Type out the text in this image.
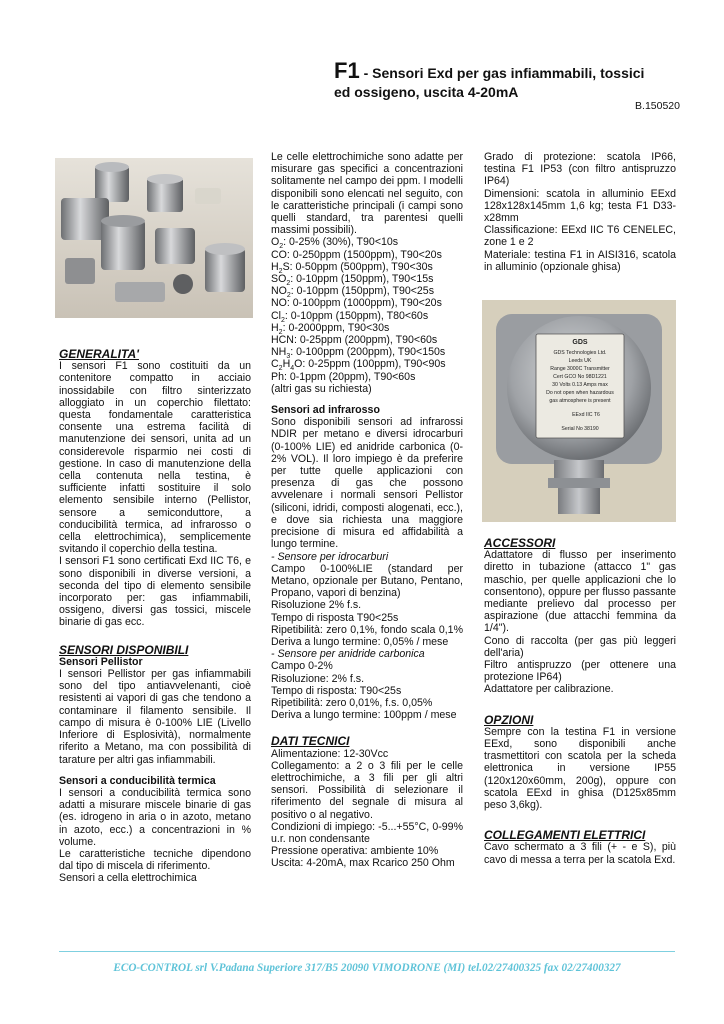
F1 - Sensori Exd per gas infiammabili, tossici
ed ossigeno, uscita 4-20mA
B.150520

GENERALITA'

I sensori F1 sono costituiti da un contenitore compatto in acciaio inossidabile con filtro sinterizzato alloggiato in un coperchio filettato: questa fondamentale caratteristica consente una estrema facilità di manutenzione dei sensori, unita ad un considerevole risparmio nei costi di gestione. In caso di manutenzione della cella contenuta nella testina, è sufficiente infatti sostituire il solo elemento sensibile interno (Pellistor, sensore a semiconduttore, a conducibilità termica, ad infrarosso o cella elettrochimica), semplicemente svitando il coperchio della testina.

I sensori F1 sono certificati Exd IIC T6, e sono disponibili in diverse versioni, a seconda del tipo di elemento sensibile incorporato per: gas infiammabili, ossigeno, diversi gas tossici, miscele binarie di gas ecc.

SENSORI DISPONIBILI

Sensori Pellistor

I sensori Pellistor per gas infiammabili sono del tipo antiavvelenanti, cioè resistenti ai vapori di gas che tendono a contaminare il filamento sensibile. Il campo di misura è 0-100% LIE (Livello Inferiore di Esplosività), normalmente riferito a Metano, ma con possibilità di tarature per altri gas infiammabili.

Sensori a conducibilità termica

I sensori a conducibilità termica sono adatti a misurare miscele binarie di gas (es. idrogeno in aria o in azoto, metano in azoto, ecc.) a concentrazioni in % volume.

Le caratteristiche tecniche dipendono dal tipo di miscela di riferimento.

Sensori a cella elettrochimica

Le celle elettrochimiche sono adatte per misurare gas specifici a concentrazioni solitamente nel campo dei ppm. I modelli disponibili sono elencati nel seguito, con le caratteristiche principali (i campi sono quelli standard, tra parentesi quelli massimi possibili).

$O_2$: 0-25% (30%), T90<10s

CO: 0-250ppm (1500ppm), T90<20s

$H_2S$: 0-50ppm (500ppm), T90<30s

$SO_2$: 0-10ppm (150ppm), T90<15s

$NO_2$: 0-10ppm (150ppm), T90<25s

NO: 0-100ppm (1000ppm), T90<20s

$Cl_2$: 0-10ppm (150ppm), T80<60s

$H_2$: 0-2000ppm, T90<30s

HCN: 0-25ppm (200ppm), T90<60s

$NH_3$: 0-100ppm (200ppm), T90<150s

$C_2H_4O$: 0-25ppm (100ppm), T90<90s

Ph: 0-1ppm (20ppm), T90<60s

(altri gas su richiesta)

Sensori ad infrarosso

Sono disponibili sensori ad infrarossi NDIR per metano e diversi idrocarburi (0-100% LIE) ed anidride carbonica (0-2% VOL). Il loro impiego è da preferire per tutte quelle applicazioni con presenza di gas che possono avvelenare i normali sensori Pellistor (siliconi, idridi, composti alogenati, ecc.), e dove sia richiesta una maggiore precisione di misura ed affidabilità a lungo termine.

- Sensore per idrocarburi

Campo 0-100%LIE (standard per Metano, opzionale per Butano, Pentano, Propano, vapori di benzina)

Risoluzione 2% f.s.

Tempo di risposta T90<25s

Ripetibilità: zero 0,1%, fondo scala 0,1% Deriva a lungo termine: 0,05% / mese

- Sensore per anidride carbonica

Campo 0-2%

Risoluzione: 2% f.s.

Tempo di risposta: T90<25s

Ripetibilità: zero 0,01%, f.s. 0,05%

Deriva a lungo termine: 100ppm / mese

DATI TECNICI

Alimentazione: 12-30Vcc

Collegamento: a 2 o 3 fili per le celle elettrochimiche, a 3 fili per gli altri sensori. Possibilità di selezionare il riferimento del segnale di misura al positivo o al negativo.

Condizioni di impiego: -5...+55°C, 0-99% u.r. non condensante

Pressione operativa: ambiente 10%

Uscita: 4-20mA, max Rcarico 250 Ohm

Grado di protezione: scatola IP66, testina F1 IP53 (con filtro antispruzzo IP64)

Dimensioni: scatola in alluminio EExd 128x128x145mm 1,6 kg; testa F1 D33-x28mm

Classificazione: EExd IIC T6 CENELEC, zone 1 e 2

Materiale: testina F1 in AISI316, scatola in alluminio (opzionale ghisa)

GDS
GDS Technologies Ltd.
Leeds UK
Range 3000C Transmitter
Cert GCO No 98D1221
30 Volts 0.13 Amps max
Do not open when hazardous
gas atmosphere is present
EExd IIC T6
Serial No 38190

ACCESSORI

Adattatore di flusso per inserimento diretto in tubazione (attacco 1" gas maschio, per quelle applicazioni che lo consentono), oppure per flusso passante mediante prelievo dal processo per aspirazione (due attacchi femmina da 1/4").

Cono di raccolta (per gas più leggeri dell'aria)

Filtro antispruzzo (per ottenere una protezione IP64)

Adattatore per calibrazione.

OPZIONI

Sempre con la testina F1 in versione EExd, sono disponibili anche trasmettitori con scatola per la scheda elettronica in versione IP55 (120x120x60mm, 200g), oppure con scatola EExd in ghisa (D125x85mm peso 3,6kg).

COLLEGAMENTI ELETTRICI

Cavo schermato a 3 fili (+ - e S), più cavo di messa a terra per la scatola Exd.

ECO-CONTROL srl V.Padana Superiore 317/B5 20090 VIMODRONE (MI) tel.02/27400325 fax 02/27400327
